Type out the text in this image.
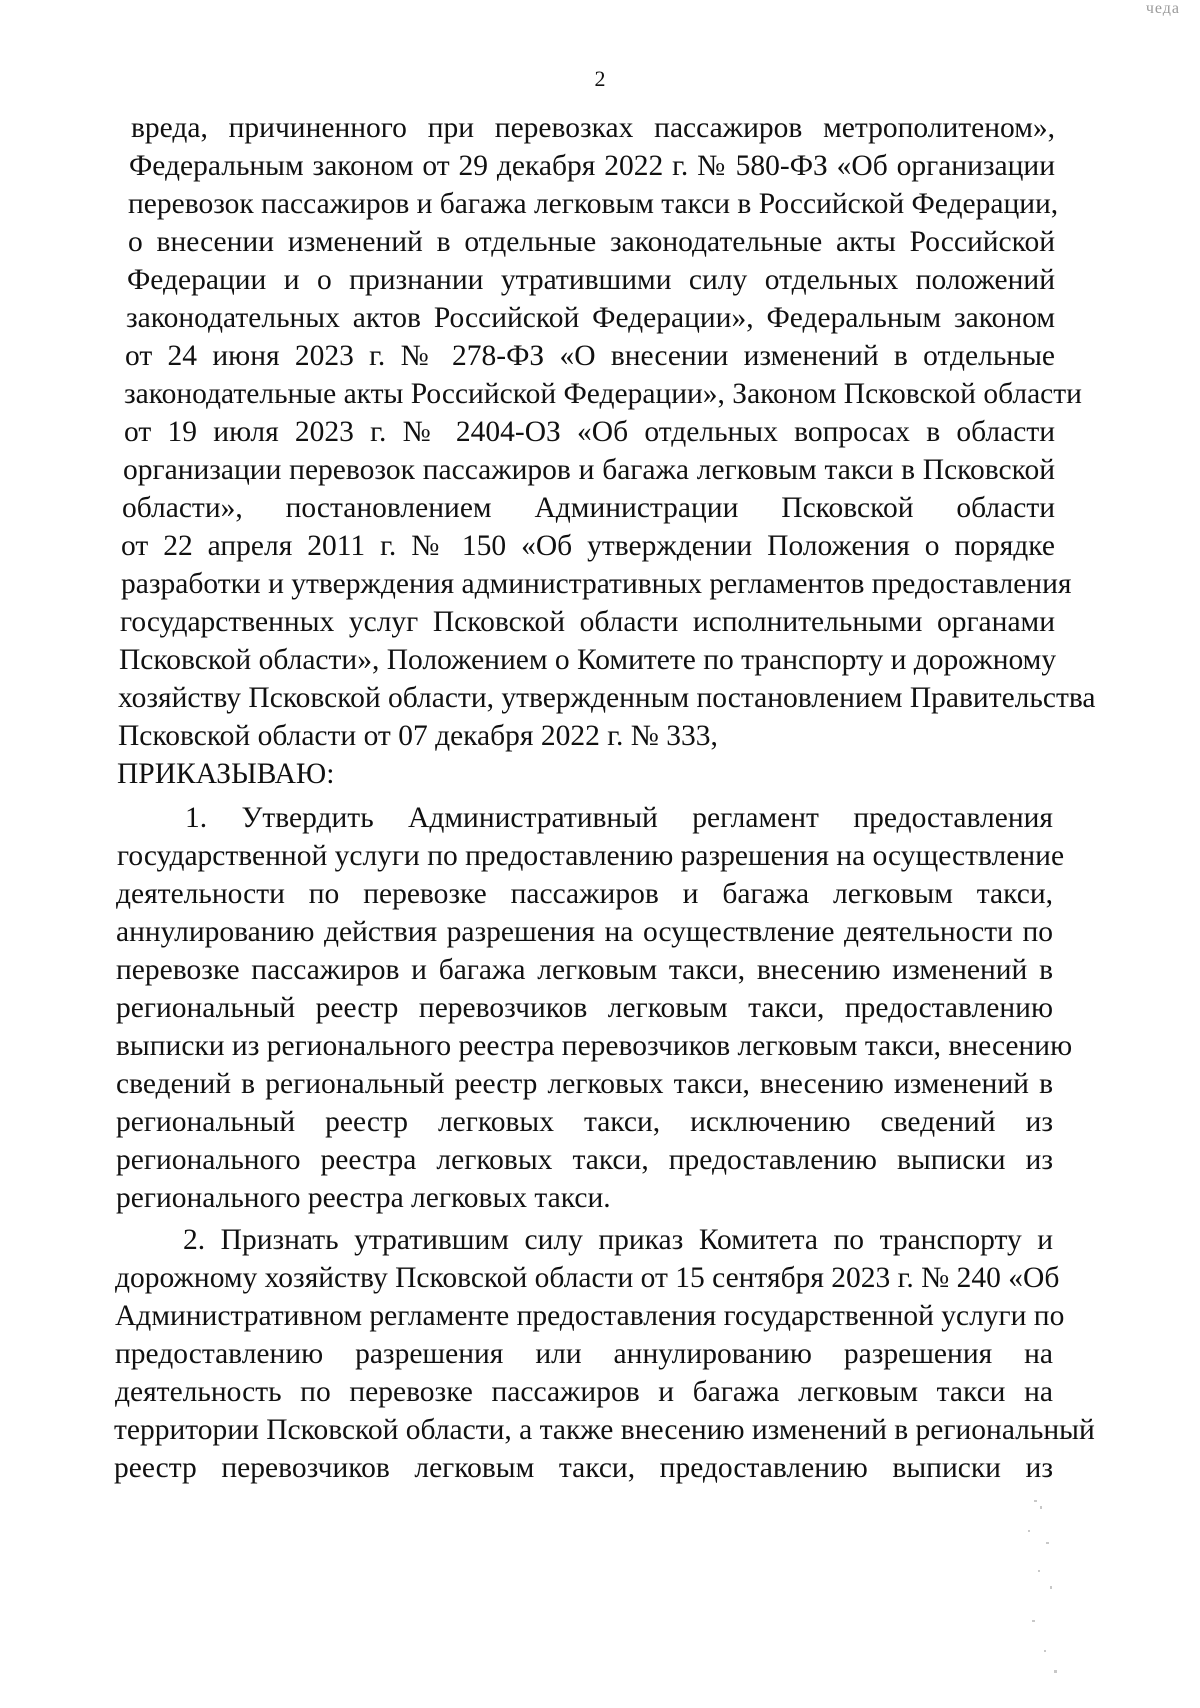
чеда
2
вреда, причиненного при перевозках пассажиров метрополитеном»,
Федеральным законом от 29 декабря 2022 г. № 580-ФЗ «Об организации
перевозок пассажиров и багажа легковым такси в Российской Федерации,
о внесении изменений в отдельные законодательные акты Российской
Федерации и о признании утратившими силу отдельных положений
законодательных актов Российской Федерации», Федеральным законом
от 24 июня 2023 г. № 278-ФЗ «О внесении изменений в отдельные
законодательные акты Российской Федерации», Законом Псковской области
от 19 июля 2023 г. № 2404-ОЗ «Об отдельных вопросах в области
организации перевозок пассажиров и багажа легковым такси в Псковской
области», постановлением Администрации Псковской области
от 22 апреля 2011 г. № 150 «Об утверждении Положения о порядке
разработки и утверждения административных регламентов предоставления
государственных услуг Псковской области исполнительными органами
Псковской области», Положением о Комитете по транспорту и дорожному
хозяйству Псковской области, утвержденным постановлением Правительства
Псковской области от 07 декабря 2022 г. № 333,
ПРИКАЗЫВАЮ:
1. Утвердить Административный регламент предоставления
государственной услуги по предоставлению разрешения на осуществление
деятельности по перевозке пассажиров и багажа легковым такси,
аннулированию действия разрешения на осуществление деятельности по
перевозке пассажиров и багажа легковым такси, внесению изменений в
региональный реестр перевозчиков легковым такси, предоставлению
выписки из регионального реестра перевозчиков легковым такси, внесению
сведений в региональный реестр легковых такси, внесению изменений в
региональный реестр легковых такси, исключению сведений из
регионального реестра легковых такси, предоставлению выписки из
регионального реестра легковых такси.
2. Признать утратившим силу приказ Комитета по транспорту и
дорожному хозяйству Псковской области от 15 сентября 2023 г. № 240 «Об
Административном регламенте предоставления государственной услуги по
предоставлению разрешения или аннулированию разрешения на
деятельность по перевозке пассажиров и багажа легковым такси на
территории Псковской области, а также внесению изменений в региональный
реестр перевозчиков легковым такси, предоставлению выписки из
